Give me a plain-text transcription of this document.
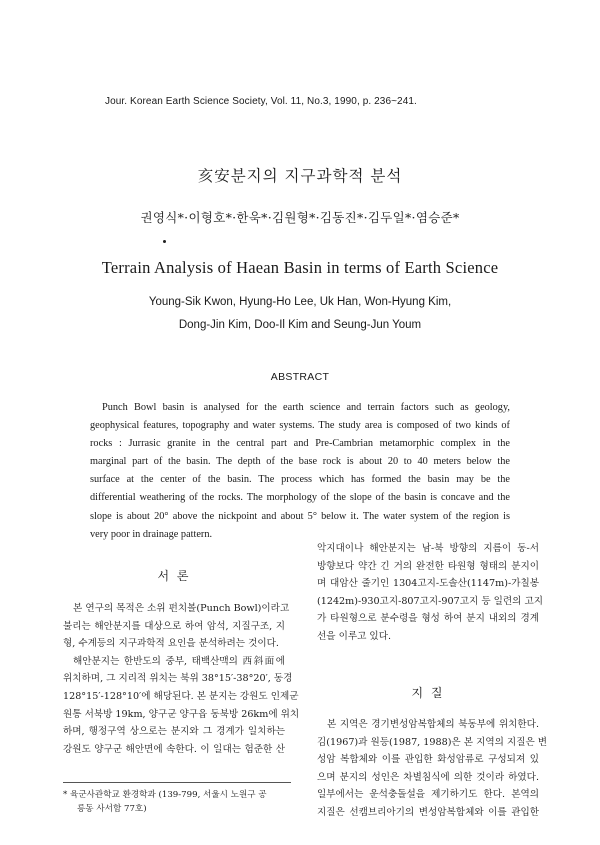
Jour. Korean Earth Science Society, Vol. 11, No.3, 1990, p. 236~241.
亥安분지의 지구과학적 분석
권영식*·이형호*·한욱*·김원형*·김동진*·김두일*·염승준*
Terrain Analysis of Haean Basin in terms of Earth Science
Young-Sik Kwon, Hyung-Ho Lee, Uk Han, Won-Hyung Kim,
Dong-Jin Kim, Doo-Il Kim and Seung-Jun Youm
ABSTRACT
Punch Bowl basin is analysed for the earth science and terrain factors such as geology,
geophysical features, topography and water systems. The study area is composed of two kinds of
rocks : Jurrasic granite in the central part and Pre-Cambrian metamorphic complex in the
marginal part of the basin. The depth of the base rock is about 20 to 40 meters below the
surface at the center of the basin. The process which has formed the basin may be the
differential weathering of the rocks. The morphology of the slope of the basin is concave and the
slope is about 20° above the nickpoint and about 5° below it. The water system of the region is
very poor in drainage pattern.
서 론
본 연구의 목적은 소위 펀치볼(Punch Bowl)이라고
불리는 해안분지를 대상으로 하여 암석, 지질구조, 지
형, 수계등의 지구과학적 요인을 분석하려는 것이다.
해안분지는 한반도의 중부, 태백산맥의 西斜面에
위치하며, 그 지리적 위치는 북위 38°15′-38°20′, 동경
128°15′-128°10′에 해당된다. 본 분지는 강원도 인제군
원통 서북방 19km, 양구군 양구읍 동북방 26km에 위치
하며, 행정구역 상으로는 분지와 그 경계가 일치하는
강원도 양구군 해안면에 속한다. 이 일대는 험준한 산
* 육군사관학교 환경학과 (139-799, 서울시 노원구 공
릉동 사서함 77호)
악지대이나 해안분지는 남-북 방향의 지름이 동-서
방향보다 약간 긴 거의 완전한 타원형 형태의 분지이
며 대암산 줄기인 1304고지-도솔산(1147m)-가칠봉
(1242m)-930고지-807고지-907고지 등 일련의 고지
가 타원형으로 분수령을 형성 하여 분지 내외의 경계
선을 이루고 있다.
지 질
본 지역은 경기변성암복합체의 북동부에 위치한다.
김(1967)과 원등(1987, 1988)은 본 지역의 지질은 변
성암 복합체와 이를 관입한 화성암류로 구성되져 있
으며 분지의 성인은 차별침식에 의한 것이라 하였다.
일부에서는 운석충돌설을 제기하기도 한다. 본역의
지질은 선캠브리아기의 변성암복합체와 이를 관입한
